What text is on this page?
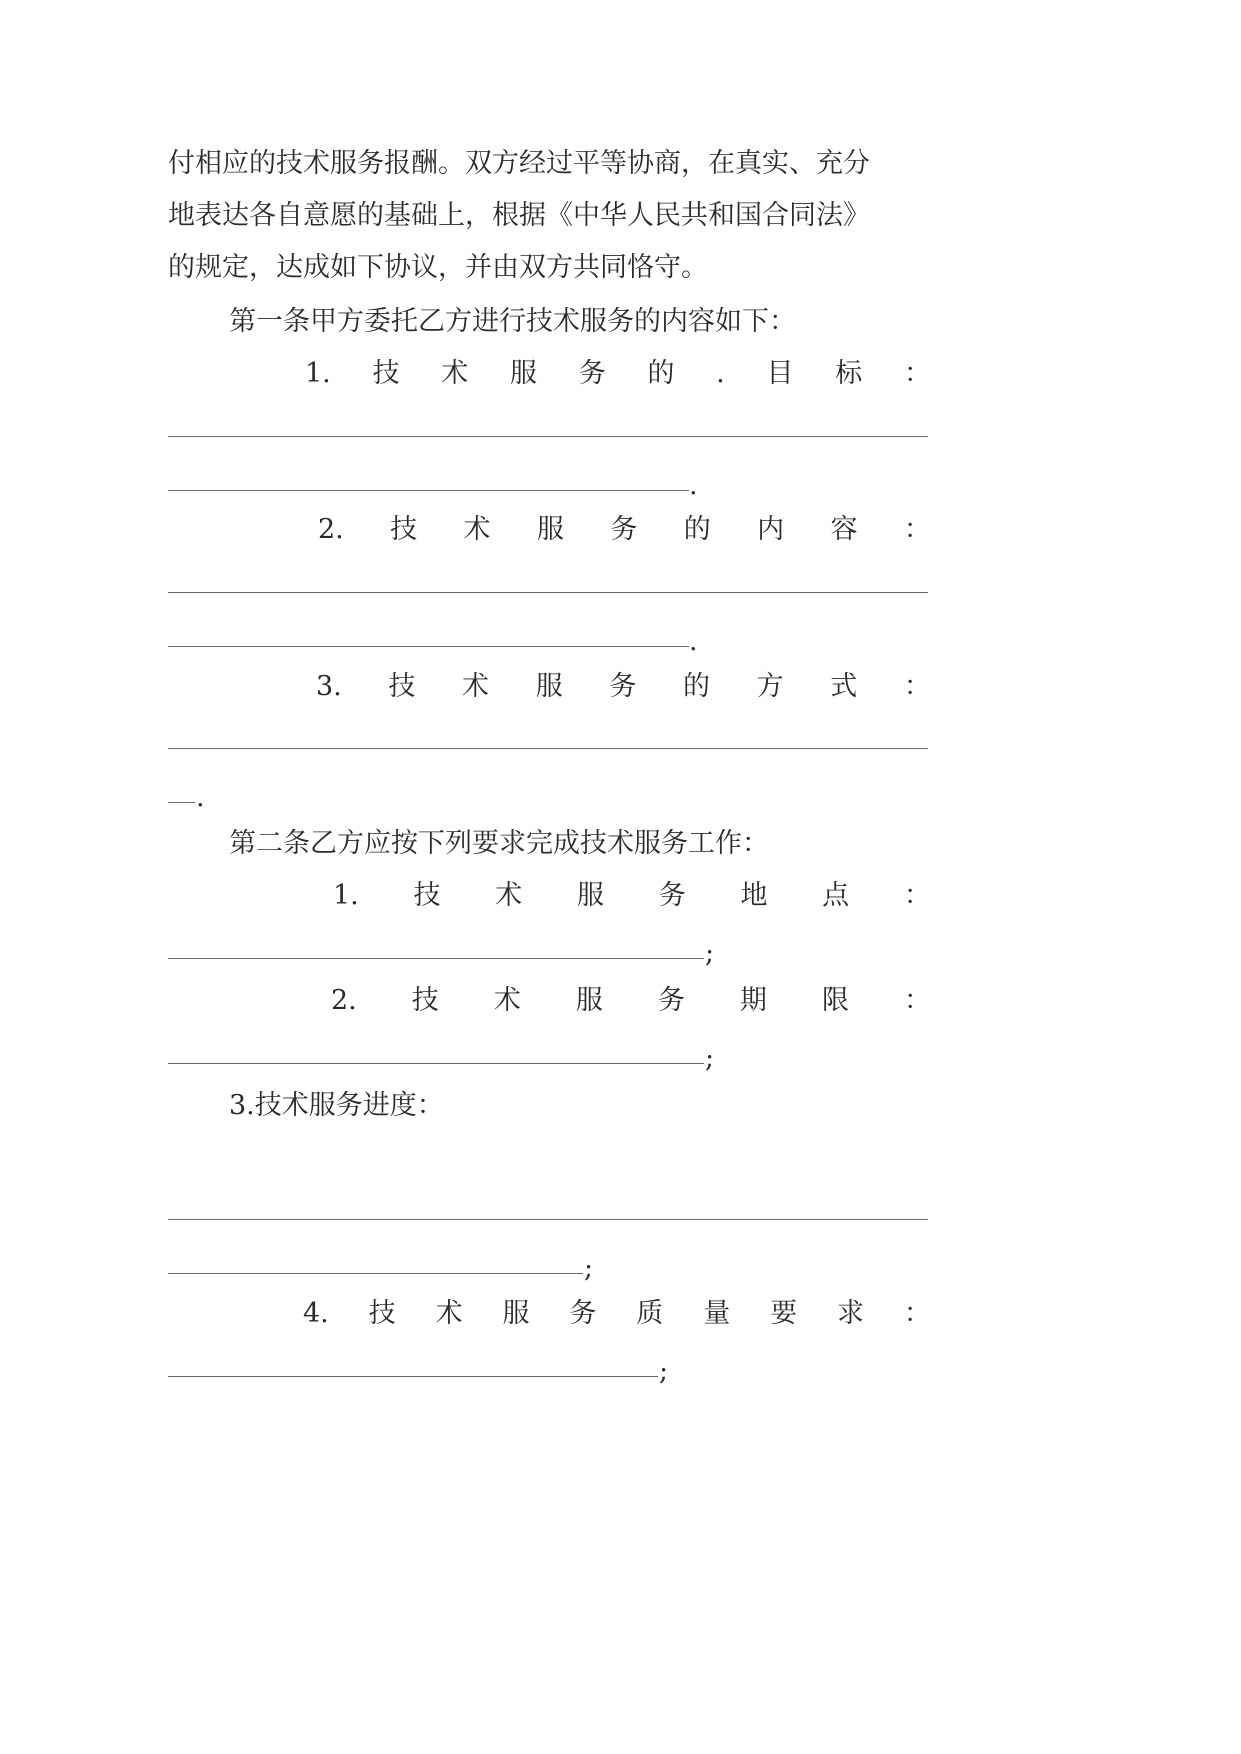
付相应的技术服务报酬。双方经过平等协商，在真实、充分

地表达各自意愿的基础上，根据《中华人民共和国合同法》

的规定，达成如下协议，并由双方共同恪守。

第一条甲方委托乙方进行技术服务的内容如下：

1. 技 术 服 务 的 . 目 标 ：

.

2. 技 术 服 务 的 内 容 ：

.

3. 技 术 服 务 的 方 式 ：

.

第二条乙方应按下列要求完成技术服务工作：

1. 技 术 服 务 地 点 ：

;

2. 技 术 服 务 期 限 ：

;

3.技术服务进度：

;

4. 技 术 服 务 质 量 要 求 ：

;
